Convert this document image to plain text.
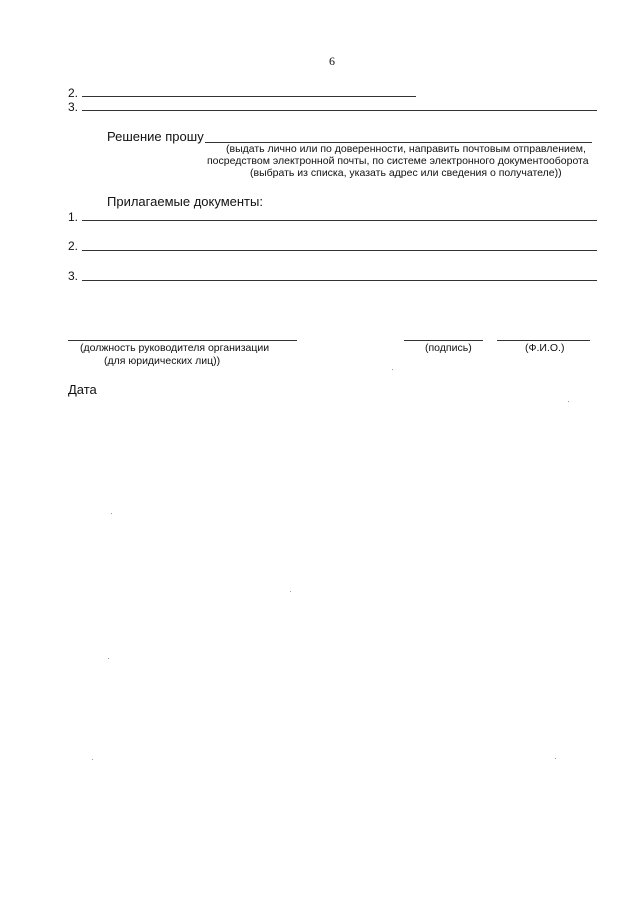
6
2.
3.
Решение прошу
(выдать лично или по доверенности, направить почтовым отправлением,
посредством электронной почты, по системе электронного документооборота
(выбрать из списка, указать адрес или сведения о получателе))
Прилагаемые документы:
1.
2.
3.
(должность руководителя организации
(для юридических лиц))
(подпись)	(Ф.И.О.)
Дата
